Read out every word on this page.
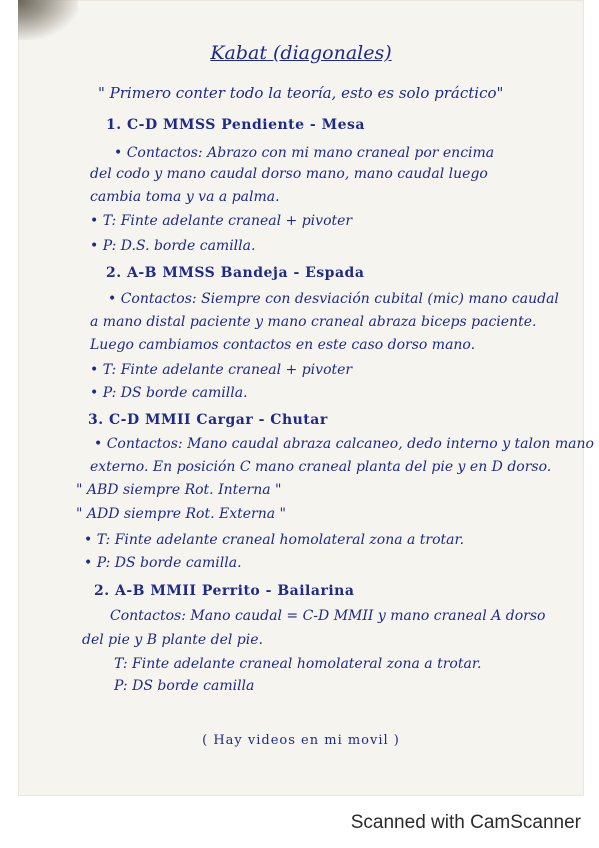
Kabat (diagonales)
" Primero conter todo la teoría, esto es solo práctico"
1. C-D MMSS Pendiente - Mesa
• Contactos: Abrazo con mi mano craneal por encima
del codo y mano caudal dorso mano, mano caudal luego
cambia toma y va a palma.
• T: Finte adelante craneal + pivoter
• P: D.S. borde camilla.
2. A-B MMSS Bandeja - Espada
• Contactos: Siempre con desviación cubital (mic) mano caudal
a mano distal paciente y mano craneal abraza biceps paciente.
Luego cambiamos contactos en este caso dorso mano.
• T: Finte adelante craneal + pivoter
• P: DS borde camilla.
3. C-D MMII Cargar - Chutar
• Contactos: Mano caudal abraza calcaneo, dedo interno y talon mano
externo. En posición C mano craneal planta del pie y en D dorso.
" ABD siempre Rot. Interna "
" ADD siempre Rot. Externa "
• T: Finte adelante craneal homolateral zona a trotar.
• P: DS borde camilla.
2. A-B MMII Perrito - Bailarina
Contactos: Mano caudal = C-D MMII y mano craneal A dorso
del pie y B plante del pie.
T: Finte adelante craneal homolateral zona a trotar.
P: DS borde camilla
( Hay videos en mi movil )
Scanned with CamScanner
